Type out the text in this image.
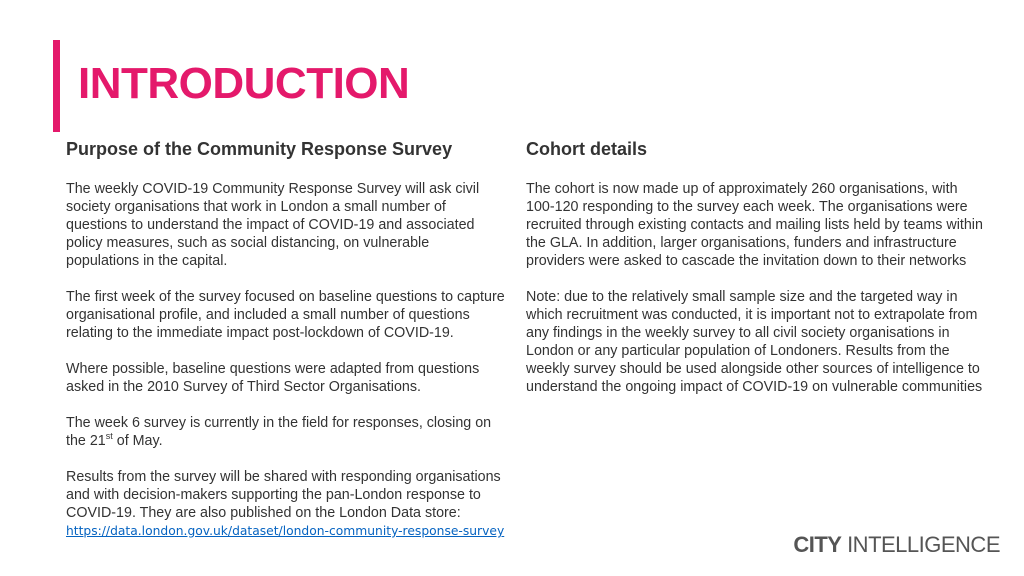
INTRODUCTION
Purpose of the Community Response Survey

The weekly COVID-19 Community Response Survey will ask civil society organisations that work in London a small number of questions to understand the impact of COVID-19 and associated policy measures, such as social distancing, on vulnerable populations in the capital.

The first week of the survey focused on baseline questions to capture organisational profile, and included a small number of questions relating to the immediate impact post-lockdown of COVID-19.

Where possible, baseline questions were adapted from questions asked in the 2010 Survey of Third Sector Organisations.

The week 6 survey is currently in the field for responses, closing on the 21st of May.

Results from the survey will be shared with responding organisations and with decision-makers supporting the pan-London response to COVID-19. They are also published on the London Data store: https://data.london.gov.uk/dataset/london-community-response-survey

Cohort details

The cohort is now made up of approximately 260 organisations, with 100-120 responding to the survey each week. The organisations were recruited through existing contacts and mailing lists held by teams within the GLA. In addition, larger organisations, funders and infrastructure providers were asked to cascade the invitation down to their networks

Note: due to the relatively small sample size and the targeted way in which recruitment was conducted, it is important not to extrapolate from any findings in the weekly survey to all civil society organisations in London or any particular population of Londoners. Results from the weekly survey should be used alongside other sources of intelligence to understand the ongoing impact of COVID-19 on vulnerable communities

CITY INTELLIGENCE
